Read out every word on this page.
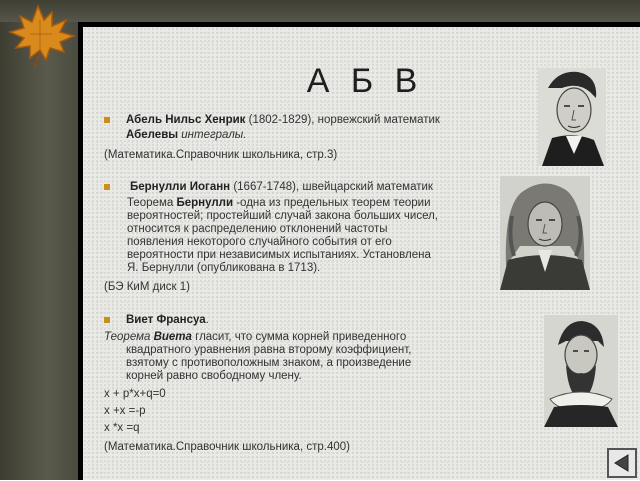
А Б В
Абель Нильс Хенрик (1802-1829), норвежский математик
Абелевы интегралы.
(Математика.Справочник школьника, стр.3)
Бернулли Иоганн (1667-1748), швейцарский математик
Теорема Бернулли -одна из предельных теорем теории
вероятностей; простейший случай закона больших чисел,
относится к распределению отклонений частоты
появления некоторого случайного события от его
вероятности при независимых испытаниях. Установлена
Я. Бернулли (опубликована в 1713).
(БЭ КиМ диск 1)
Виет Франсуа.
Теорема Виета гласит, что сумма корней приведенного
квадратного уравнения равна второму коэффициент,
взятому с противоположным знаком, а произведение
корней равно свободному члену.
x + p*x+q=0
x +x =-p
x *x =q
(Математика.Справочник школьника, стр.400)
